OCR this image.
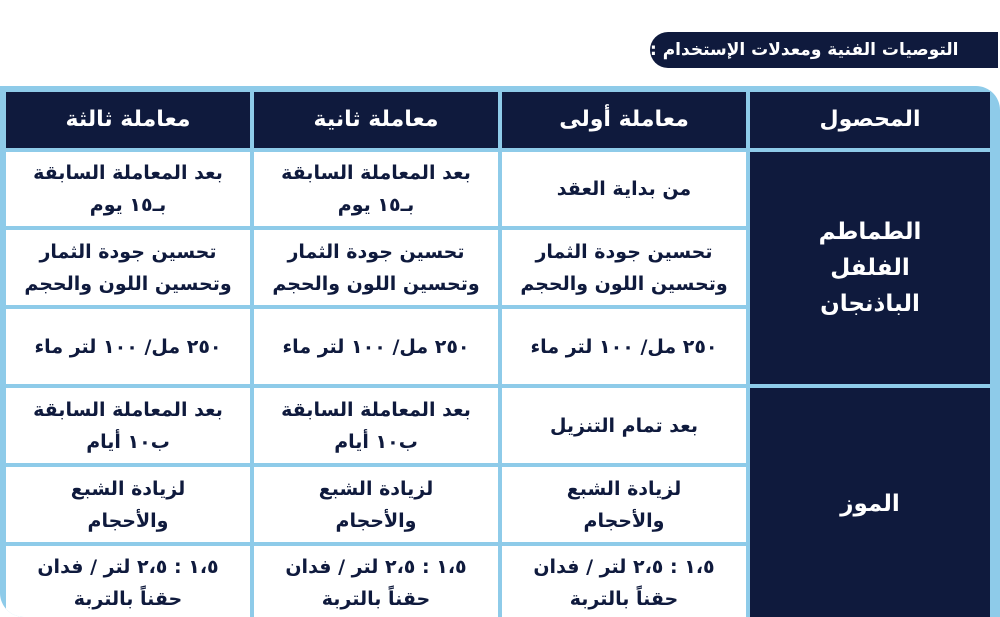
التوصيات الفنية ومعدلات الإستخدام :
المحصول
معاملة أولى
معاملة ثانية
معاملة ثالثة
الطماطم
الفلفل
الباذنجان
من بداية العقد
بعد المعاملة السابقة
بـ١٥ يوم
بعد المعاملة السابقة
بـ١٥ يوم
تحسين جودة الثمار
وتحسين اللون والحجم
تحسين جودة الثمار
وتحسين اللون والحجم
تحسين جودة الثمار
وتحسين اللون والحجم
٢٥٠ مل/ ١٠٠ لتر ماء
٢٥٠ مل/ ١٠٠ لتر ماء
٢٥٠ مل/ ١٠٠ لتر ماء
الموز
بعد تمام التنزيل
بعد المعاملة السابقة
ب١٠ أيام
بعد المعاملة السابقة
ب١٠ أيام
لزيادة الشبع
والأحجام
لزيادة الشبع
والأحجام
لزيادة الشبع
والأحجام
١،٥ : ٢،٥ لتر / فدان
حقناً بالتربة
١،٥ : ٢،٥ لتر / فدان
حقناً بالتربة
١،٥ : ٢،٥ لتر / فدان
حقناً بالتربة
